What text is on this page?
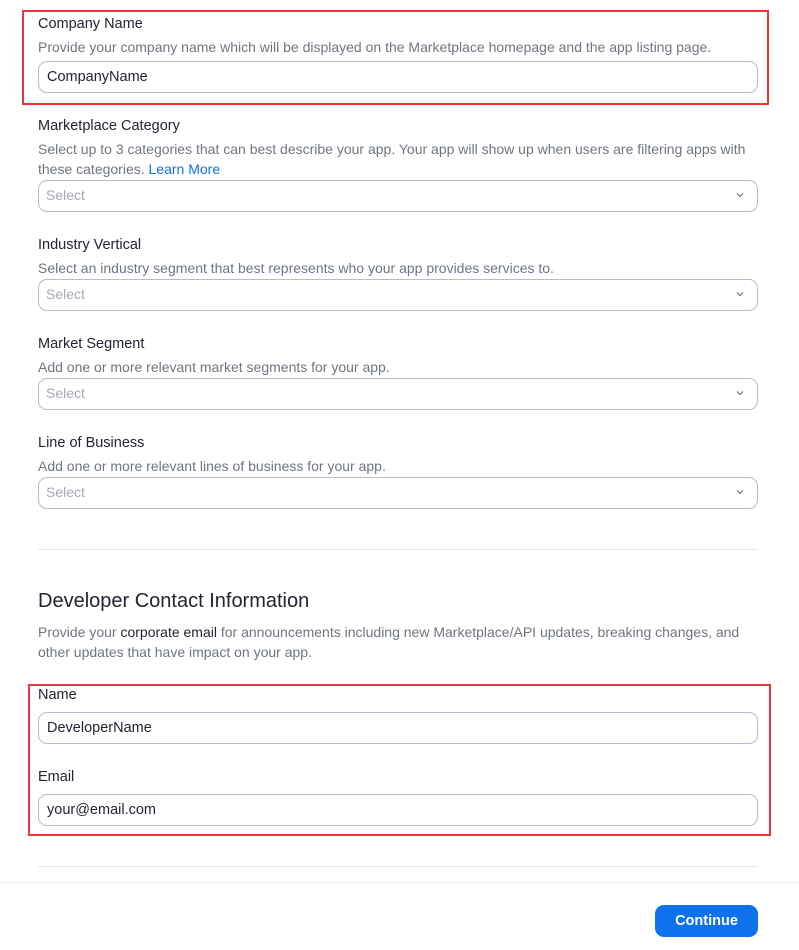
Company Name
Provide your company name which will be displayed on the Marketplace homepage and the app listing page.
CompanyName
Marketplace Category
Select up to 3 categories that can best describe your app. Your app will show up when users are filtering apps with these categories. Learn More
Select
Industry Vertical
Select an industry segment that best represents who your app provides services to.
Select
Market Segment
Add one or more relevant market segments for your app.
Select
Line of Business
Add one or more relevant lines of business for your app.
Select
Developer Contact Information
Provide your corporate email for announcements including new Marketplace/API updates, breaking changes, and other updates that have impact on your app.
Name
DeveloperName
Email
your@email.com
Continue
